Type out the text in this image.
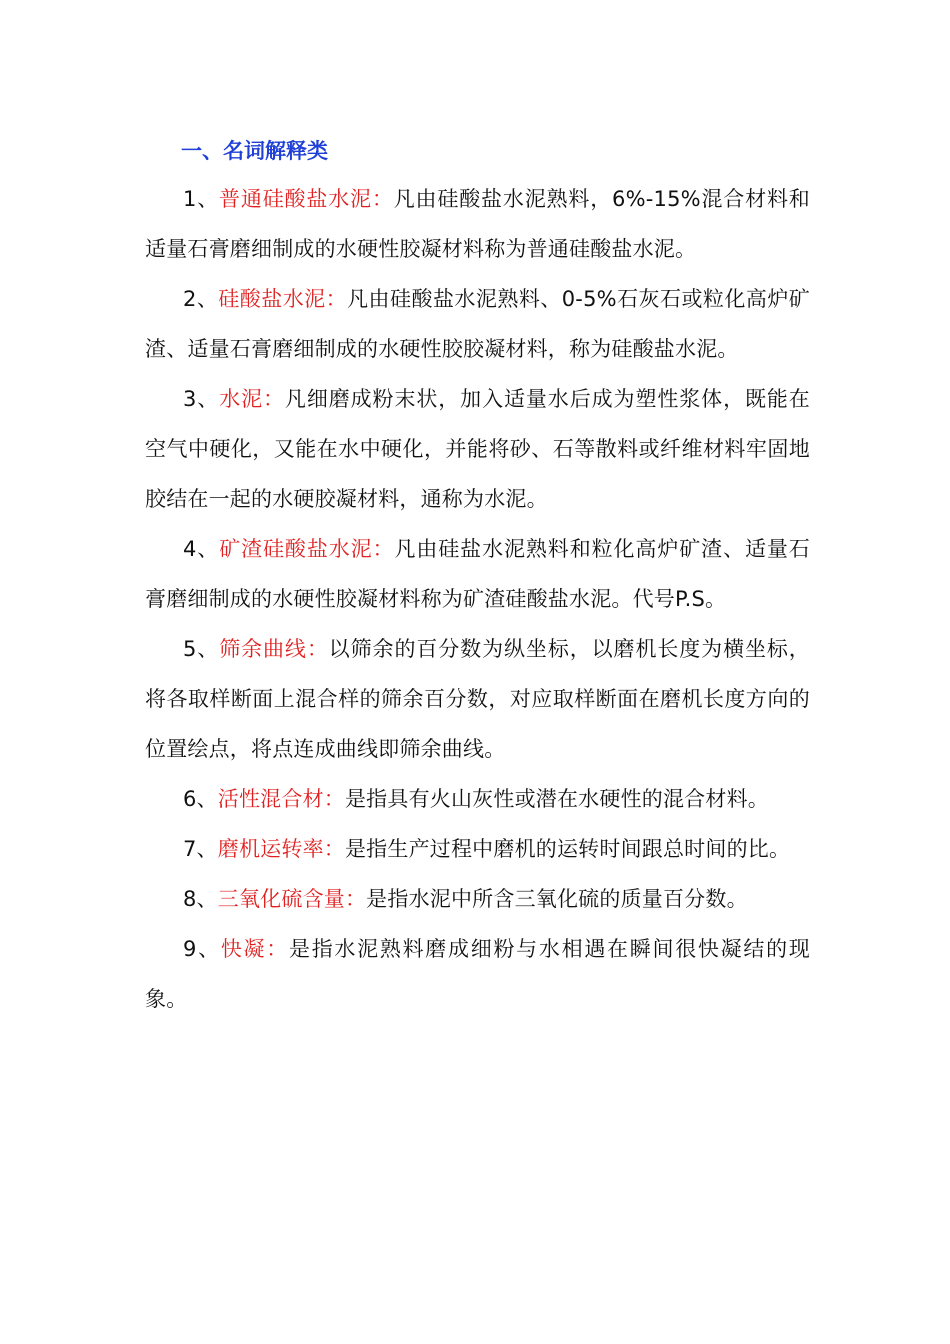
一、名词解释类

1、普通硅酸盐水泥：凡由硅酸盐水泥熟料，6%-15%混合材料和适量石膏磨细制成的水硬性胶凝材料称为普通硅酸盐水泥。

2、硅酸盐水泥：凡由硅酸盐水泥熟料、0-5%石灰石或粒化高炉矿渣、适量石膏磨细制成的水硬性胶胶凝材料，称为硅酸盐水泥。

3、水泥：凡细磨成粉末状，加入适量水后成为塑性浆体，既能在空气中硬化，又能在水中硬化，并能将砂、石等散料或纤维材料牢固地胶结在一起的水硬胶凝材料，通称为水泥。

4、矿渣硅酸盐水泥：凡由硅盐水泥熟料和粒化高炉矿渣、适量石膏磨细制成的水硬性胶凝材料称为矿渣硅酸盐水泥。代号P.S。

5、筛余曲线：以筛余的百分数为纵坐标，以磨机长度为横坐标，将各取样断面上混合样的筛余百分数，对应取样断面在磨机长度方向的位置绘点，将点连成曲线即筛余曲线。

6、活性混合材：是指具有火山灰性或潜在水硬性的混合材料。

7、磨机运转率：是指生产过程中磨机的运转时间跟总时间的比。

8、三氧化硫含量：是指水泥中所含三氧化硫的质量百分数。

9、快凝：是指水泥熟料磨成细粉与水相遇在瞬间很快凝结的现象。
